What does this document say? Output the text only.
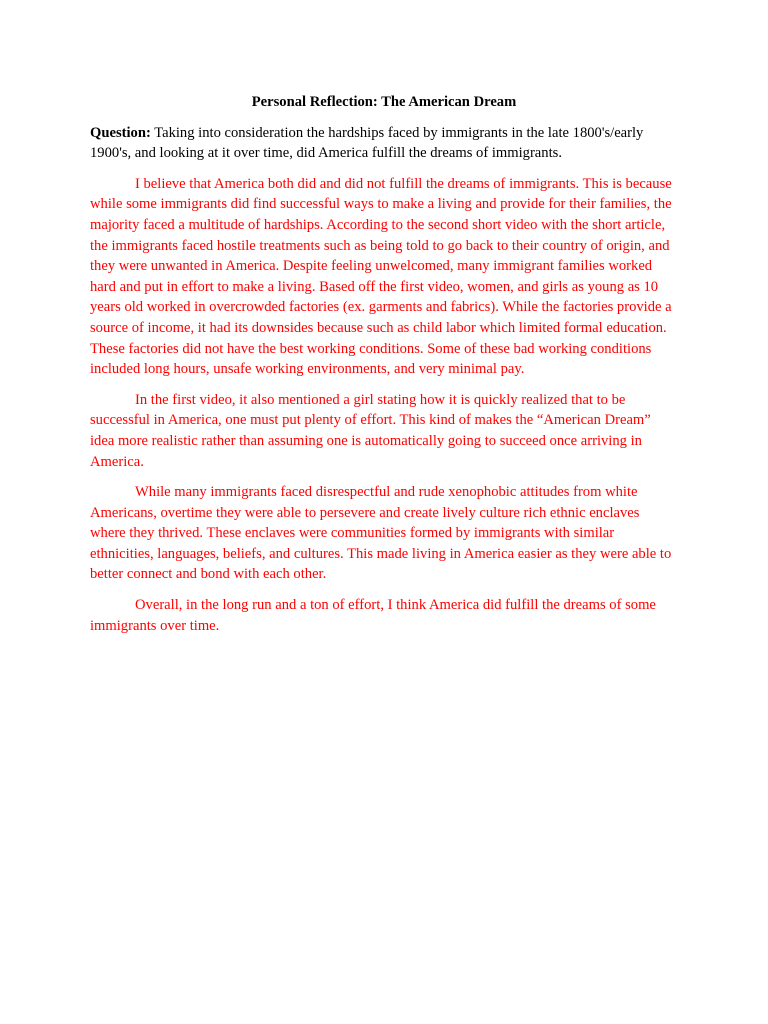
Personal Reflection: The American Dream

Question: Taking into consideration the hardships faced by immigrants in the late 1800's/early 1900's, and looking at it over time, did America fulfill the dreams of immigrants.

I believe that America both did and did not fulfill the dreams of immigrants. This is because while some immigrants did find successful ways to make a living and provide for their families, the majority faced a multitude of hardships. According to the second short video with the short article, the immigrants faced hostile treatments such as being told to go back to their country of origin, and they were unwanted in America. Despite feeling unwelcomed, many immigrant families worked hard and put in effort to make a living. Based off the first video, women, and girls as young as 10 years old worked in overcrowded factories (ex. garments and fabrics). While the factories provide a source of income, it had its downsides because such as child labor which limited formal education. These factories did not have the best working conditions. Some of these bad working conditions included long hours, unsafe working environments, and very minimal pay.

In the first video, it also mentioned a girl stating how it is quickly realized that to be successful in America, one must put plenty of effort. This kind of makes the “American Dream” idea more realistic rather than assuming one is automatically going to succeed once arriving in America.

While many immigrants faced disrespectful and rude xenophobic attitudes from white Americans, overtime they were able to persevere and create lively culture rich ethnic enclaves where they thrived. These enclaves were communities formed by immigrants with similar ethnicities, languages, beliefs, and cultures. This made living in America easier as they were able to better connect and bond with each other.

Overall, in the long run and a ton of effort, I think America did fulfill the dreams of some immigrants over time.
